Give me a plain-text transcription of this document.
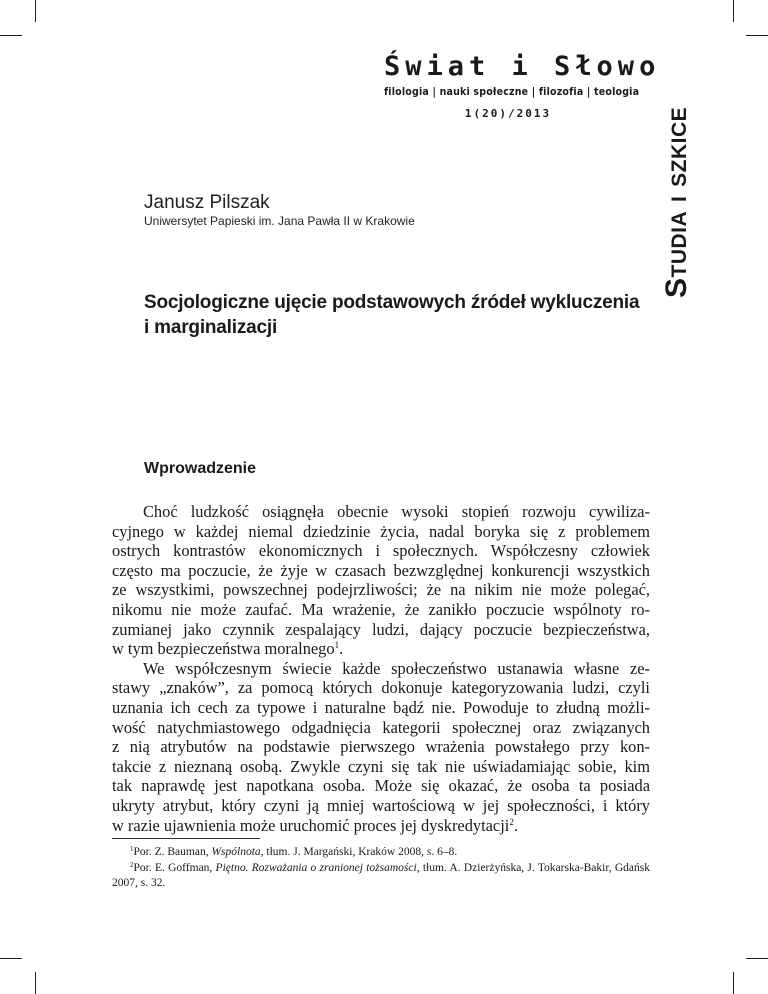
Świat i Słowo
filologia | nauki społeczne | filozofia | teologia
1(20)/2013	Studia i szkice
Janusz Pilszak
Uniwersytet Papieski im. Jana Pawła II w Krakowie
Socjologiczne ujęcie podstawowych źródeł wykluczenia
i marginalizacji
Wprowadzenie
Choć ludzkość osiągnęła obecnie wysoki stopień rozwoju cywiliza-
cyjnego w każdej niemal dziedzinie życia, nadal boryka się z problemem
ostrych kontrastów ekonomicznych i społecznych. Współczesny człowiek
często ma poczucie, że żyje w czasach bezwzględnej konkurencji wszystkich
ze wszystkimi, powszechnej podejrzliwości; że na nikim nie może polegać,
nikomu nie może zaufać. Ma wrażenie, że zanikło poczucie wspólnoty ro-
zumianej jako czynnik zespalający ludzi, dający poczucie bezpieczeństwa,
w tym bezpieczeństwa moralnego$^1$.
We współczesnym świecie każde społeczeństwo ustanawia własne ze-
stawy „znaków”, za pomocą których dokonuje kategoryzowania ludzi, czyli
uznania ich cech za typowe i naturalne bądź nie. Powoduje to złudną możli-
wość natychmiastowego odgadnięcia kategorii społecznej oraz związanych
z nią atrybutów na podstawie pierwszego wrażenia powstałego przy kon-
takcie z nieznaną osobą. Zwykle czyni się tak nie uświadamiając sobie, kim
tak naprawdę jest napotkana osoba. Może się okazać, że osoba ta posiada
ukryty atrybut, który czyni ją mniej wartościową w jej społeczności, i który
w razie ujawnienia może uruchomić proces jej dyskredytacji$^2$.
$^1$Por. Z. Bauman, Wspólnota, tłum. J. Margański, Kraków 2008, s. 6–8.
$^2$Por. E. Goffman, Piętno. Rozważania o zranionej tożsamości, tłum. A. Dzierżyńska, J. Tokarska-Bakir, Gdańsk
2007, s. 32.
